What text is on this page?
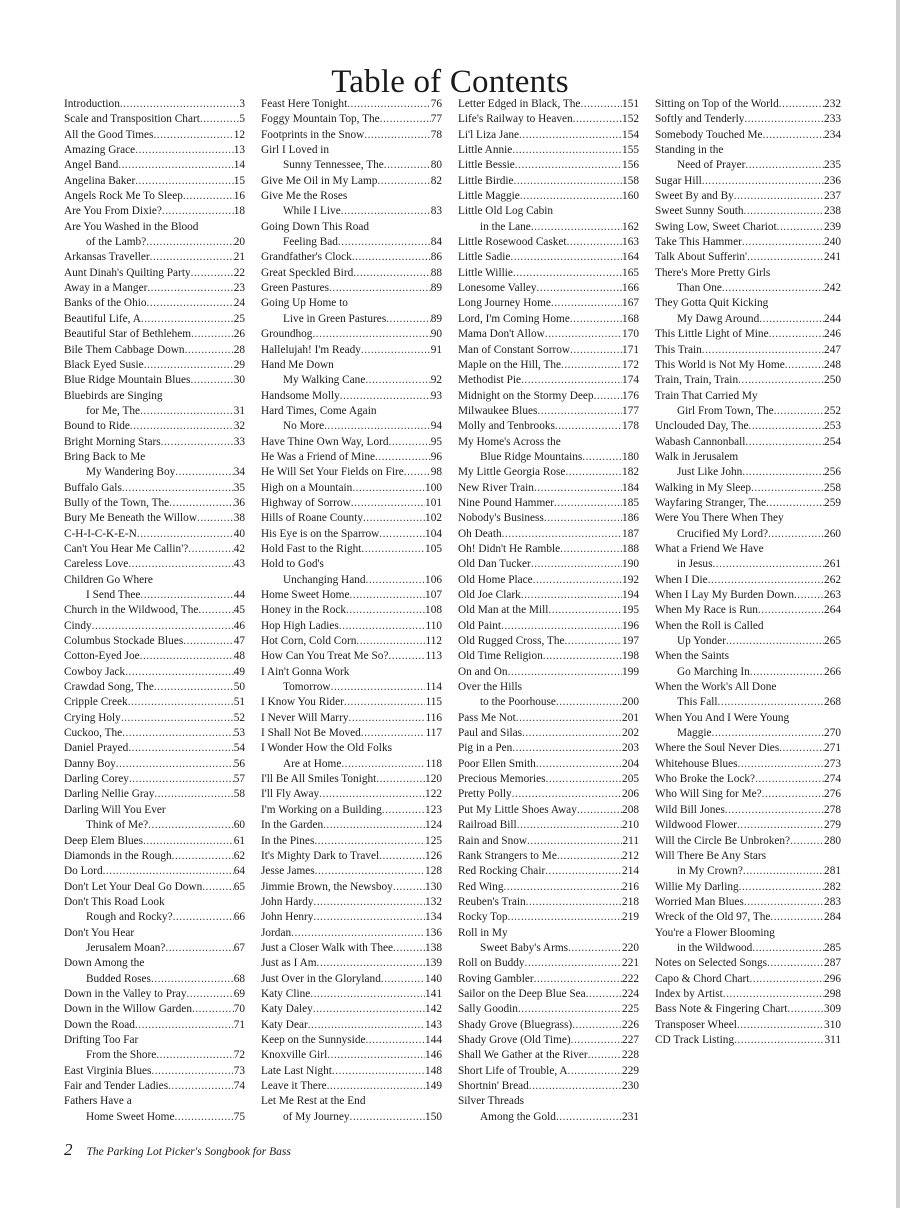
Table of Contents
Introduction .....	3
Scale and Transposition Chart .....	5
All the Good Times .....	12
Amazing Grace .....	13
Angel Band .....	14
Angelina Baker .....	15
Angels Rock Me To Sleep .....	16
Are You From Dixie? .....	18
Are You Washed in the Blood
of the Lamb? .....	20
Arkansas Traveller .....	21
Aunt Dinah's Quilting Party .....	22
Away in a Manger .....	23
Banks of the Ohio .....	24
Beautiful Life, A .....	25
Beautiful Star of Bethlehem .....	26
Bile Them Cabbage Down .....	28
Black Eyed Susie .....	29
Blue Ridge Mountain Blues .....	30
Bluebirds are Singing
for Me, The .....	31
Bound to Ride .....	32
Bright Morning Stars .....	33
Bring Back to Me
My Wandering Boy .....	34
Buffalo Gals .....	35
Bully of the Town, The .....	36
Bury Me Beneath the Willow .....	38
C-H-I-C-K-E-N .....	40
Can't You Hear Me Callin'? .....	42
Careless Love .....	43
Children Go Where
I Send Thee .....	44
Church in the Wildwood, The .....	45
Cindy .....	46
Columbus Stockade Blues .....	47
Cotton-Eyed Joe .....	48
Cowboy Jack .....	49
Crawdad Song, The .....	50
Cripple Creek .....	51
Crying Holy .....	52
Cuckoo, The .....	53
Daniel Prayed .....	54
Danny Boy .....	56
Darling Corey .....	57
Darling Nellie Gray .....	58
Darling Will You Ever
Think of Me? .....	60
Deep Elem Blues .....	61
Diamonds in the Rough .....	62
Do Lord .....	64
Don't Let Your Deal Go Down .....	65
Don't This Road Look
Rough and Rocky? .....	66
Don't You Hear
Jerusalem Moan? .....	67
Down Among the
Budded Roses .....	68
Down in the Valley to Pray .....	69
Down in the Willow Garden .....	70
Down the Road .....	71
Drifting Too Far
From the Shore .....	72
East Virginia Blues .....	73
Fair and Tender Ladies .....	74
Fathers Have a
Home Sweet Home .....	75
Feast Here Tonight .....	76
Foggy Mountain Top, The .....	77
Footprints in the Snow .....	78
Girl I Loved in
Sunny Tennessee, The .....	80
Give Me Oil in My Lamp .....	82
Give Me the Roses
While I Live .....	83
Going Down This Road
Feeling Bad .....	84
Grandfather's Clock .....	86
Great Speckled Bird .....	88
Green Pastures .....	89
Going Up Home to
Live in Green Pastures .....	89
Groundhog .....	90
Hallelujah! I'm Ready .....	91
Hand Me Down
My Walking Cane .....	92
Handsome Molly .....	93
Hard Times, Come Again
No More .....	94
Have Thine Own Way, Lord .....	95
He Was a Friend of Mine .....	96
He Will Set Your Fields on Fire ..... 98
High on a Mountain .....	100
Highway of Sorrow .....	101
Hills of Roane County .....	102
His Eye is on the Sparrow .....	104
Hold Fast to the Right .....	105
Hold to God's
Unchanging Hand .....	106
Home Sweet Home .....	107
Honey in the Rock .....	108
Hop High Ladies .....	110
Hot Corn, Cold Corn .....	112
How Can You Treat Me So? .....	113
I Ain't Gonna Work
Tomorrow .....	114
I Know You Rider .....	115
I Never Will Marry .....	116
I Shall Not Be Moved .....	117
I Wonder How the Old Folks
Are at Home .....	118
I'll Be All Smiles Tonight .....	120
I'll Fly Away .....	122
I'm Working on a Building .....	123
In the Garden .....	124
In the Pines .....	125
It's Mighty Dark to Travel .....	126
Jesse James .....	128
Jimmie Brown, the Newsboy .....	130
John Hardy .....	132
John Henry .....	134
Jordan .....	136
Just a Closer Walk with Thee .....	138
Just as I Am .....	139
Just Over in the Gloryland .....	140
Katy Cline .....	141
Katy Daley .....	142
Katy Dear .....	143
Keep on the Sunnyside .....	144
Knoxville Girl .....	146
Late Last Night .....	148
Leave it There .....	149
Let Me Rest at the End
of My Journey .....	150
Letter Edged in Black, The .....	151
Life's Railway to Heaven .....	152
Li'l Liza Jane .....	154
Little Annie .....	155
Little Bessie .....	156
Little Birdie .....	158
Little Maggie .....	160
Little Old Log Cabin
in the Lane .....	162
Little Rosewood Casket .....	163
Little Sadie .....	164
Little Willie .....	165
Lonesome Valley .....	166
Long Journey Home .....	167
Lord, I'm Coming Home .....	168
Mama Don't Allow .....	170
Man of Constant Sorrow .....	171
Maple on the Hill, The .....	172
Methodist Pie .....	174
Midnight on the Stormy Deep .....	176
Milwaukee Blues .....	177
Molly and Tenbrooks .....	178
My Home's Across the
Blue Ridge Mountains .....	180
My Little Georgia Rose .....	182
New River Train .....	184
Nine Pound Hammer .....	185
Nobody's Business .....	186
Oh Death .....	187
Oh! Didn't He Ramble .....	188
Old Dan Tucker .....	190
Old Home Place .....	192
Old Joe Clark .....	194
Old Man at the Mill .....	195
Old Paint .....	196
Old Rugged Cross, The .....	197
Old Time Religion .....	198
On and On .....	199
Over the Hills
to the Poorhouse .....	200
Pass Me Not .....	201
Paul and Silas .....	202
Pig in a Pen .....	203
Poor Ellen Smith .....	204
Precious Memories .....	205
Pretty Polly .....	206
Put My Little Shoes Away .....	208
Railroad Bill .....	210
Rain and Snow .....	211
Rank Strangers to Me .....	212
Red Rocking Chair .....	214
Red Wing .....	216
Reuben's Train .....	218
Rocky Top .....	219
Roll in My
Sweet Baby's Arms .....	220
Roll on Buddy .....	221
Roving Gambler .....	222
Sailor on the Deep Blue Sea .....	224
Sally Goodin .....	225
Shady Grove (Bluegrass) .....	226
Shady Grove (Old Time) .....	227
Shall We Gather at the River .....	228
Short Life of Trouble, A .....	229
Shortnin' Bread .....	230
Silver Threads
Among the Gold .....	231
Sitting on Top of the World .....	232
Softly and Tenderly .....	233
Somebody Touched Me .....	234
Standing in the
Need of Prayer .....	235
Sugar Hill .....	236
Sweet By and By .....	237
Sweet Sunny South .....	238
Swing Low, Sweet Chariot .....	239
Take This Hammer .....	240
Talk About Sufferin' .....	241
There's More Pretty Girls
Than One .....	242
They Gotta Quit Kicking
My Dawg Around .....	244
This Little Light of Mine .....	246
This Train .....	247
This World is Not My Home .....	248
Train, Train, Train .....	250
Train That Carried My
Girl From Town, The .....	252
Unclouded Day, The .....	253
Wabash Cannonball .....	254
Walk in Jerusalem
Just Like John .....	256
Walking in My Sleep .....	258
Wayfaring Stranger, The .....	259
Were You There When They
Crucified My Lord? .....	260
What a Friend We Have
in Jesus .....	261
When I Die .....	262
When I Lay My Burden Down .....	263
When My Race is Run .....	264
When the Roll is Called
Up Yonder .....	265
When the Saints
Go Marching In .....	266
When the Work's All Done
This Fall .....	268
When You And I Were Young
Maggie .....	270
Where the Soul Never Dies .....	271
Whitehouse Blues .....	273
Who Broke the Lock? .....	274
Who Will Sing for Me? .....	276
Wild Bill Jones .....	278
Wildwood Flower .....	279
Will the Circle Be Unbroken? .....	280
Will There Be Any Stars
in My Crown? .....	281
Willie My Darling .....	282
Worried Man Blues .....	283
Wreck of the Old 97, The .....	284
You're a Flower Blooming
in the Wildwood .....	285
Notes on Selected Songs .....	287
Capo & Chord Chart .....	296
Index by Artist .....	298
Bass Note & Fingering Chart .....	309
Transposer Wheel .....	310
CD Track Listing .....	311
2 The Parking Lot Picker's Songbook for Bass
